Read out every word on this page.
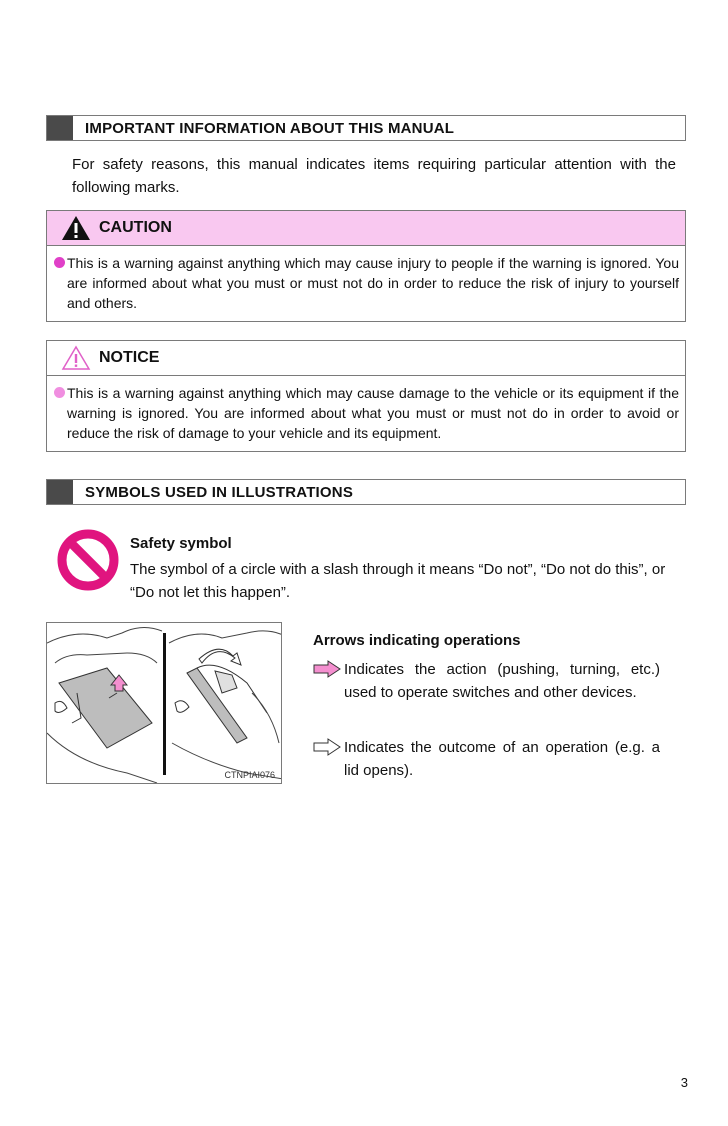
IMPORTANT INFORMATION ABOUT THIS MANUAL
For safety reasons, this manual indicates items requiring particular attention with the following marks.
CAUTION
This is a warning against anything which may cause injury to people if the warning is ignored. You are informed about what you must or must not do in order to reduce the risk of injury to yourself and others.
NOTICE
This is a warning against anything which may cause damage to the vehicle or its equipment if the warning is ignored. You are informed about what you must or must not do in order to avoid or reduce the risk of damage to your vehicle and its equipment.
SYMBOLS USED IN ILLUSTRATIONS
Safety symbol
The symbol of a circle with a slash through it means “Do not”, “Do not do this”, or “Do not let this happen”.
CTNPIAI076
Arrows indicating operations
Indicates the action (pushing, turning, etc.) used to operate switches and other devices.
Indicates the outcome of an operation (e.g. a lid opens).
3
